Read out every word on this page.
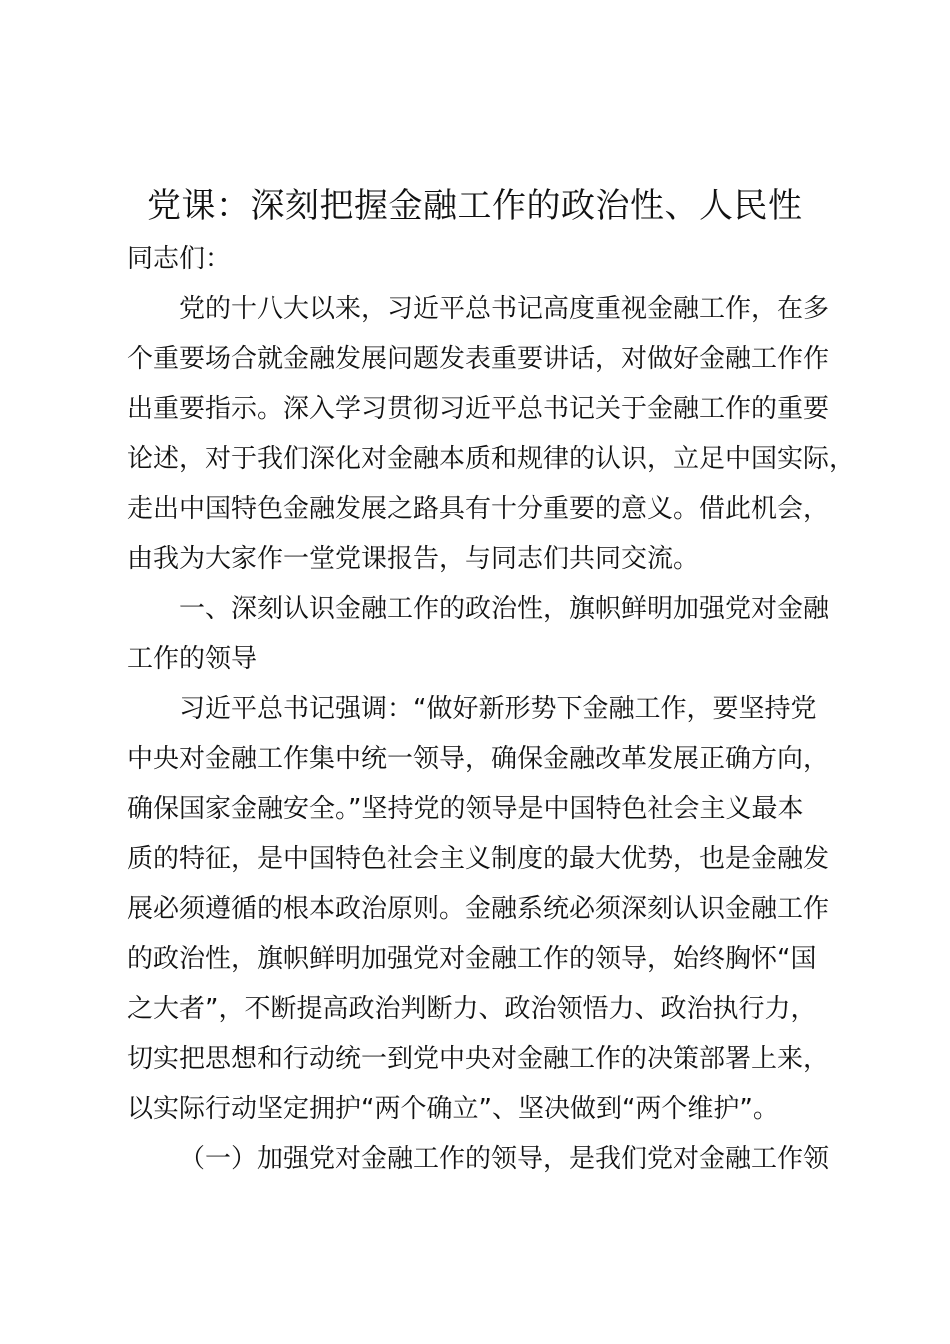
党课：深刻把握金融工作的政治性、人民性

同志们：

党的十八大以来，习近平总书记高度重视金融工作，在多
个重要场合就金融发展问题发表重要讲话，对做好金融工作作
出重要指示。深入学习贯彻习近平总书记关于金融工作的重要
论述，对于我们深化对金融本质和规律的认识，立足中国实际，
走出中国特色金融发展之路具有十分重要的意义。借此机会，
由我为大家作一堂党课报告，与同志们共同交流。

一、深刻认识金融工作的政治性，旗帜鲜明加强党对金融
工作的领导

习近平总书记强调：“做好新形势下金融工作，要坚持党
中央对金融工作集中统一领导，确保金融改革发展正确方向，
确保国家金融安全。”坚持党的领导是中国特色社会主义最本
质的特征，是中国特色社会主义制度的最大优势，也是金融发
展必须遵循的根本政治原则。金融系统必须深刻认识金融工作
的政治性，旗帜鲜明加强党对金融工作的领导，始终胸怀“国
之大者”，不断提高政治判断力、政治领悟力、政治执行力，
切实把思想和行动统一到党中央对金融工作的决策部署上来，
以实际行动坚定拥护“两个确立”、坚决做到“两个维护”。

（一）加强党对金融工作的领导，是我们党对金融工作领
